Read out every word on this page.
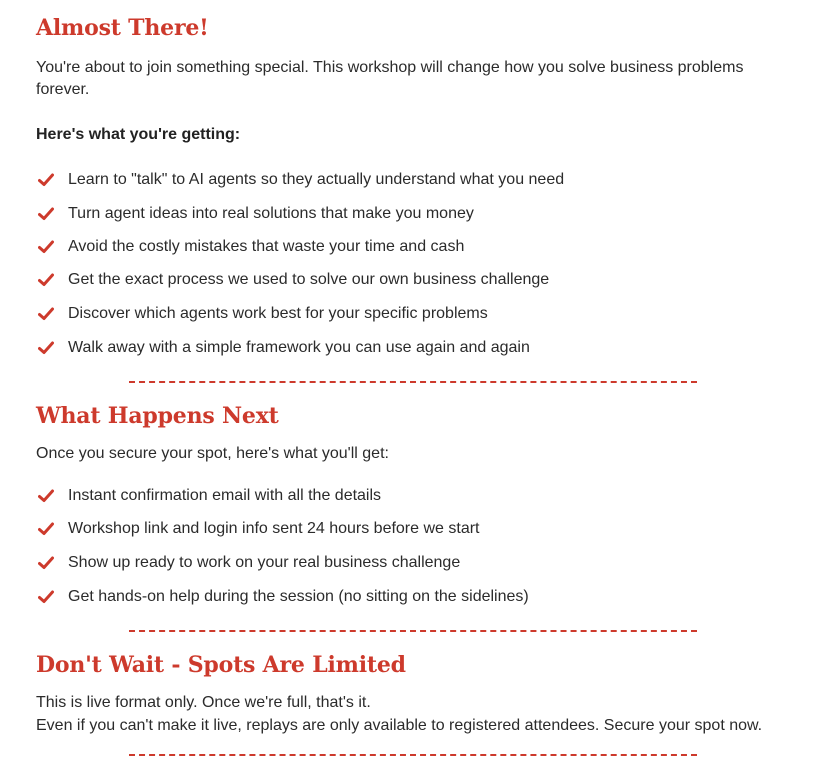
Almost There!

You're about to join something special. This workshop will change how you solve business problems forever.

Here's what you're getting:

Learn to "talk" to AI agents so they actually understand what you need
Turn agent ideas into real solutions that make you money
Avoid the costly mistakes that waste your time and cash
Get the exact process we used to solve our own business challenge
Discover which agents work best for your specific problems
Walk away with a simple framework you can use again and again
What Happens Next

Once you secure your spot, here's what you'll get:

Instant confirmation email with all the details
Workshop link and login info sent 24 hours before we start
Show up ready to work on your real business challenge
Get hands-on help during the session (no sitting on the sidelines)
Don't Wait - Spots Are Limited

This is live format only. Once we're full, that's it.

Even if you can't make it live, replays are only available to registered attendees. Secure your spot now.
